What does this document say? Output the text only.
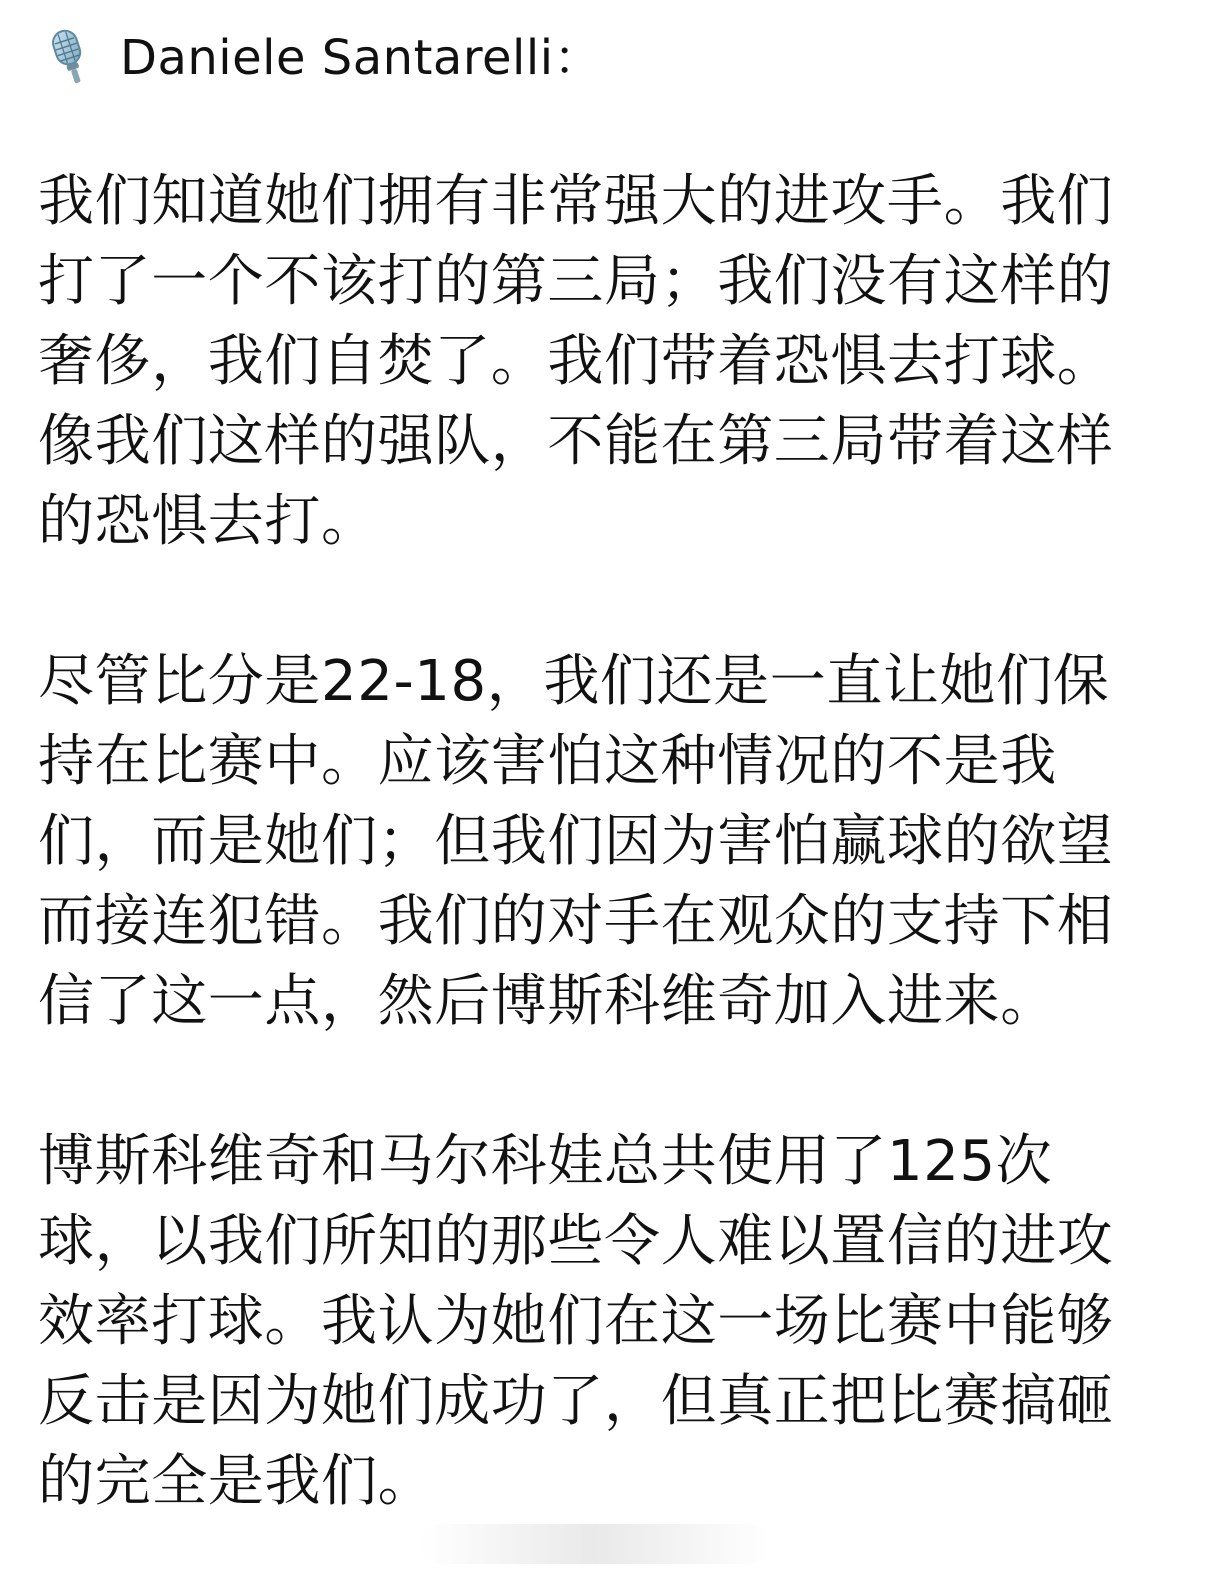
Daniele Santarelli：

我们知道她们拥有非常强大的进攻手。我们打了一个不该打的第三局；我们没有这样的奢侈，我们自焚了。我们带着恐惧去打球。像我们这样的强队，不能在第三局带着这样的恐惧去打。

尽管比分是22-18，我们还是一直让她们保持在比赛中。应该害怕这种情况的不是我们，而是她们；但我们因为害怕赢球的欲望而接连犯错。我们的对手在观众的支持下相信了这一点，然后博斯科维奇加入进来。

博斯科维奇和马尔科娃总共使用了125次球，以我们所知的那些令人难以置信的进攻效率打球。我认为她们在这一场比赛中能够反击是因为她们成功了，但真正把比赛搞砸的完全是我们。
